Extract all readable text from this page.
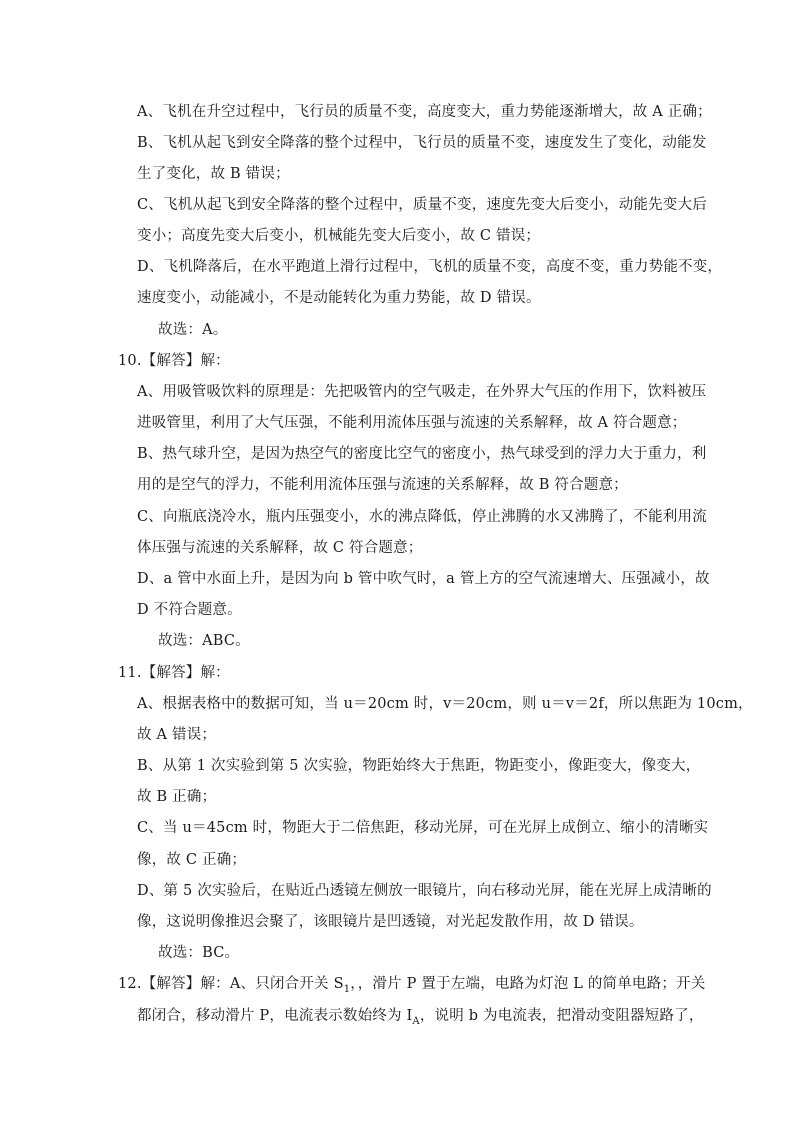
A、飞机在升空过程中，飞行员的质量不变，高度变大，重力势能逐渐增大，故 A 正确；
B、飞机从起飞到安全降落的整个过程中，飞行员的质量不变，速度发生了变化，动能发
生了变化，故 B 错误；
C、飞机从起飞到安全降落的整个过程中，质量不变，速度先变大后变小，动能先变大后
变小；高度先变大后变小，机械能先变大后变小，故 C 错误；
D、飞机降落后，在水平跑道上滑行过程中，飞机的质量不变，高度不变，重力势能不变，
速度变小，动能减小，不是动能转化为重力势能，故 D 错误。
故选：A。
10.【解答】解：
A、用吸管吸饮料的原理是：先把吸管内的空气吸走，在外界大气压的作用下，饮料被压
进吸管里，利用了大气压强，不能利用流体压强与流速的关系解释，故 A 符合题意；
B、热气球升空，是因为热空气的密度比空气的密度小，热气球受到的浮力大于重力，利
用的是空气的浮力，不能利用流体压强与流速的关系解释，故 B 符合题意；
C、向瓶底浇冷水，瓶内压强变小，水的沸点降低，停止沸腾的水又沸腾了，不能利用流
体压强与流速的关系解释，故 C 符合题意；
D、a 管中水面上升，是因为向 b 管中吹气时，a 管上方的空气流速增大、压强减小，故
D 不符合题意。
故选：ABC。
11.【解答】解：
A、根据表格中的数据可知，当 u＝20cm 时，v＝20cm，则 u＝v＝2f，所以焦距为 10cm，
故 A 错误；
B、从第 1 次实验到第 5 次实验，物距始终大于焦距，物距变小，像距变大，像变大，
故 B 正确；
C、当 u＝45cm 时，物距大于二倍焦距，移动光屏，可在光屏上成倒立、缩小的清晰实
像，故 C 正确；
D、第 5 次实验后，在贴近凸透镜左侧放一眼镜片，向右移动光屏，能在光屏上成清晰的
像，这说明像推迟会聚了，该眼镜片是凹透镜，对光起发散作用，故 D 错误。
故选：BC。
12.【解答】解：A、只闭合开关 $S_1$，，滑片 P 置于左端，电路为灯泡 L 的简单电路；开关
都闭合，移动滑片 P，电流表示数始终为 $I_A$，说明 b 为电流表，把滑动变阻器短路了，
